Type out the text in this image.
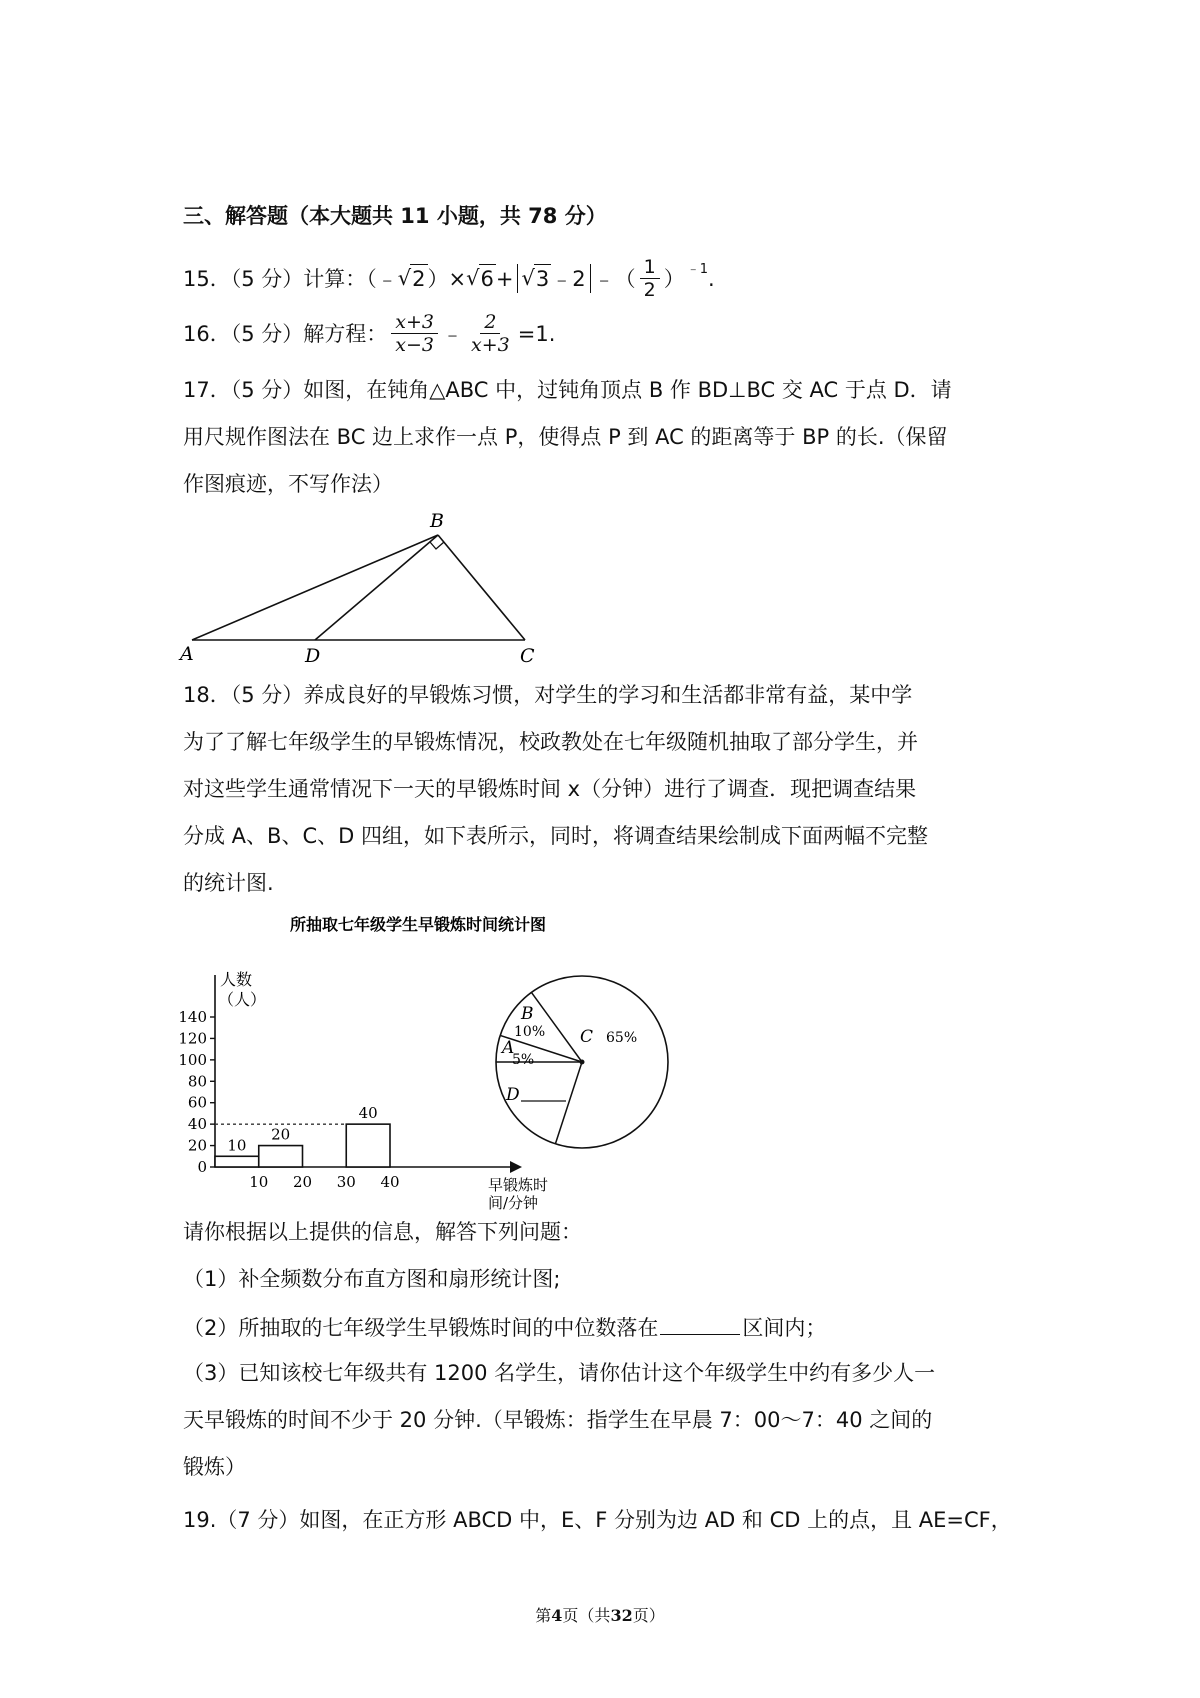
三、解答题（本大题共 11 小题，共 78 分）
15．（5 分）计算：（﹣ √ 2 ）× √ 6 + √ 3 ﹣2 ﹣（ $\frac{1}{2}$ ） ﹣1 .
16．（5 分）解方程： $\frac{x+3}{x-3}$ ﹣ $\frac{2}{x+3} =1$.
17．（5 分）如图，在钝角△ABC 中，过钝角顶点 B 作 BD⊥BC 交 AC 于点 D．请
用尺规作图法在 BC 边上求作一点 P，使得点 P 到 AC 的距离等于 BP 的长.（保留
作图痕迹，不写作法）
B
A	D	C
18．（5 分）养成良好的早锻炼习惯，对学生的学习和生活都非常有益，某中学
为了了解七年级学生的早锻炼情况，校政教处在七年级随机抽取了部分学生，并
对这些学生通常情况下一天的早锻炼时间 x（分钟）进行了调查．现把调查结果
分成 A、B、C、D 四组，如下表所示，同时，将调查结果绘制成下面两幅不完整
的统计图.
所抽取七年级学生早锻炼时间统计图
人数
（人）
早锻炼时
间/分钟
0
20
40
60
80
100
120
140
10 20 30 40
10
20
40
A
5%
B
10% C 65%
D
请你根据以上提供的信息，解答下列问题：
（1）补全频数分布直方图和扇形统计图;
（2）所抽取的七年级学生早锻炼时间的中位数落在	区间内；
（3）已知该校七年级共有 1200 名学生，请你估计这个年级学生中约有多少人一
天早锻炼的时间不少于 20 分钟.（早锻炼：指学生在早晨 7：00～7：40 之间的
锻炼）
19.（7 分）如图，在正方形 ABCD 中，E、F 分别为边 AD 和 CD 上的点，且 AE=CF，
第4页（共32页）
